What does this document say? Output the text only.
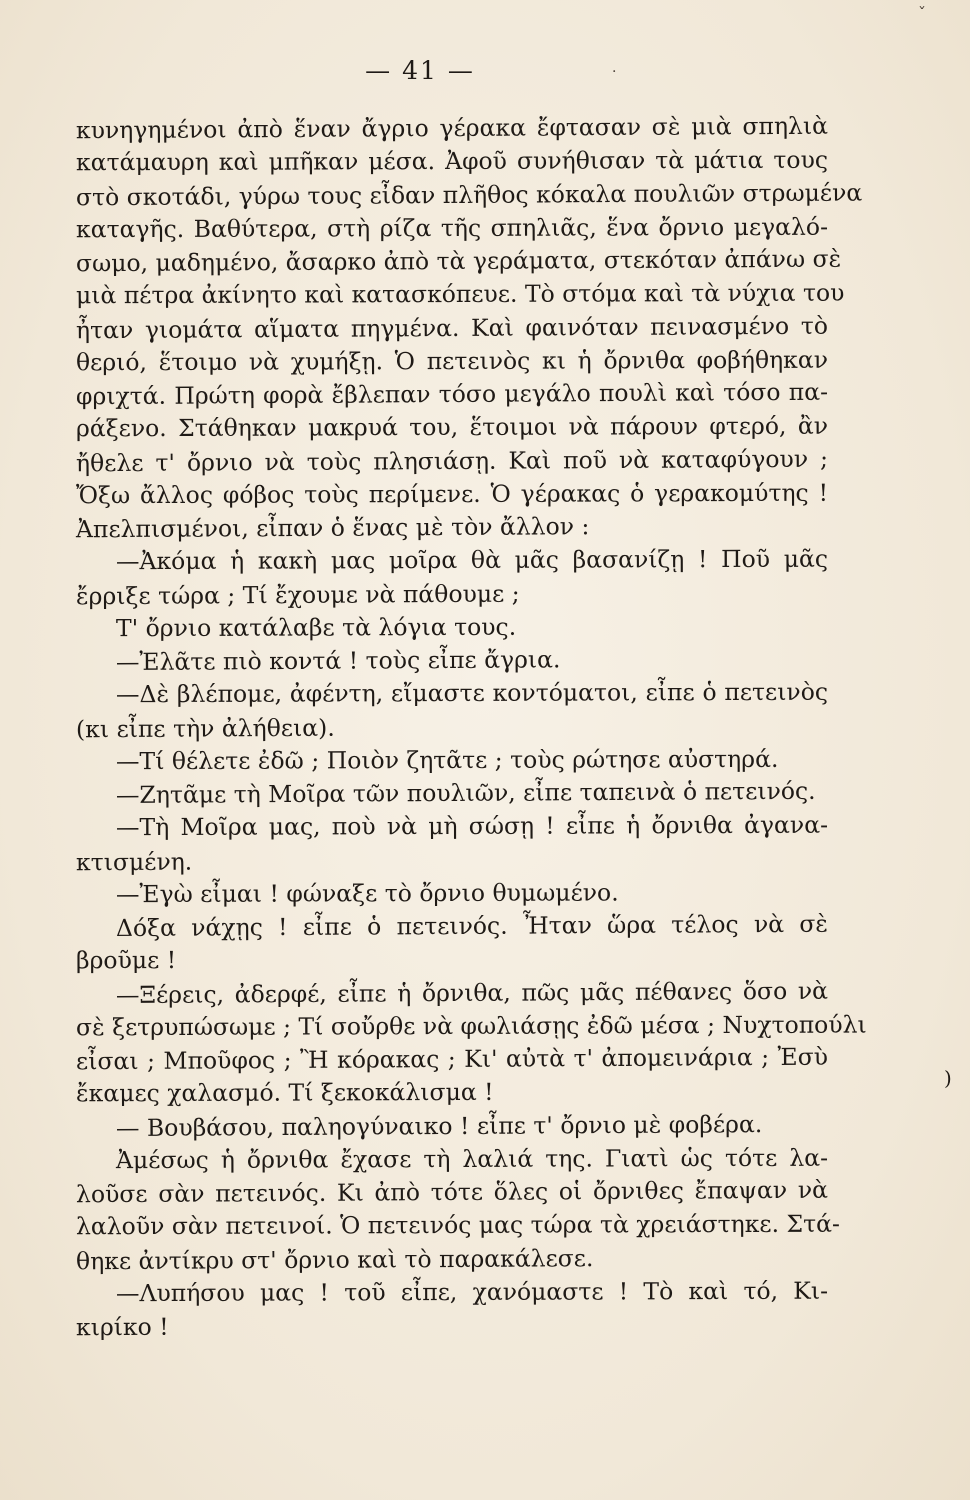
ˇ
— 41 —	·
κυνηγημένοι ἀπὸ ἕναν ἄγριο γέρακα ἔφτασαν σὲ μιὰ σπηλιὰ
κατάμαυρη καὶ μπῆκαν μέσα. Ἀφοῦ συνήθισαν τὰ μάτια τους
στὸ σκοτάδι, γύρω τους εἶδαν πλῆθος κόκαλα πουλιῶν στρωμένα
καταγῆς. Βαθύτερα, στὴ ρίζα τῆς σπηλιᾶς, ἕνα ὄρνιο μεγαλό-
σωμο, μαδημένο, ἄσαρκο ἀπὸ τὰ γεράματα, στεκόταν ἀπάνω σὲ
μιὰ πέτρα ἀκίνητο καὶ κατασκόπευε. Τὸ στόμα καὶ τὰ νύχια του
ἦταν γιομάτα αἵματα πηγμένα. Καὶ φαινόταν πεινασμένο τὸ
θεριό, ἕτοιμο νὰ χυμήξῃ. Ὁ πετεινὸς κι ἡ ὄρνιθα φοβήθηκαν
φριχτά. Πρώτη φορὰ ἔβλεπαν τόσο μεγάλο πουλὶ καὶ τόσο πα-
ράξενο. Στάθηκαν μακρυά του, ἕτοιμοι νὰ πάρουν φτερό, ἂν
ἤθελε τ' ὄρνιο νὰ τοὺς πλησιάσῃ. Καὶ ποῦ νὰ καταφύγουν ;
Ὄξω ἄλλος φόβος τοὺς περίμενε. Ὁ γέρακας ὁ γερακομύτης !
Ἀπελπισμένοι, εἶπαν ὁ ἕνας μὲ τὸν ἄλλον :
—Ἀκόμα ἡ κακὴ μας μοῖρα θὰ μᾶς βασανίζῃ ! Ποῦ μᾶς
ἔρριξε τώρα ; Τί ἔχουμε νὰ πάθουμε ;
Τ' ὄρνιο κατάλαβε τὰ λόγια τους.
—Ἐλᾶτε πιὸ κοντά ! τοὺς εἶπε ἄγρια.
—Δὲ βλέπομε, ἀφέντη, εἴμαστε κοντόματοι, εἶπε ὁ πετεινὸς
(κι εἶπε τὴν ἀλήθεια).
—Τί θέλετε ἐδῶ ; Ποιὸν ζητᾶτε ; τοὺς ρώτησε αὐστηρά.
—Ζητᾶμε τὴ Μοῖρα τῶν πουλιῶν, εἶπε ταπεινὰ ὁ πετεινός.
—Τὴ Μοῖρα μας, ποὺ νὰ μὴ σώσῃ ! εἶπε ἡ ὄρνιθα ἀγανα-
κτισμένη.
—Ἐγὼ εἶμαι ! φώναξε τὸ ὄρνιο θυμωμένο.
Δόξα νάχῃς ! εἶπε ὁ πετεινός. Ἦταν ὥρα τέλος νὰ σὲ
βροῦμε !
—Ξέρεις, ἀδερφέ, εἶπε ἡ ὄρνιθα, πῶς μᾶς πέθανες ὅσο νὰ
σὲ ξετρυπώσωμε ; Τί σοὔρθε νὰ φωλιάσῃς ἐδῶ μέσα ; Νυχτοπούλι
εἶσαι ; Μποῦφος ; Ἢ κόρακας ; Κι' αὐτὰ τ' ἀπομεινάρια ; Ἐσὺ
ἔκαμες χαλασμό. Τί ξεκοκάλισμα !
— Βουβάσου, παληογύναικο ! εἶπε τ' ὄρνιο μὲ φοβέρα.
Ἀμέσως ἡ ὄρνιθα ἔχασε τὴ λαλιά της. Γιατὶ ὡς τότε λα-
λοῦσε σὰν πετεινός. Κι ἀπὸ τότε ὅλες οἱ ὄρνιθες ἔπαψαν νὰ
λαλοῦν σὰν πετεινοί. Ὁ πετεινός μας τώρα τὰ χρειάστηκε. Στά-
θηκε ἀντίκρυ στ' ὄρνιο καὶ τὸ παρακάλεσε.
—Λυπήσου μας ! τοῦ εἶπε, χανόμαστε ! Τὸ καὶ τό, Κι-
κιρίκο !
)
